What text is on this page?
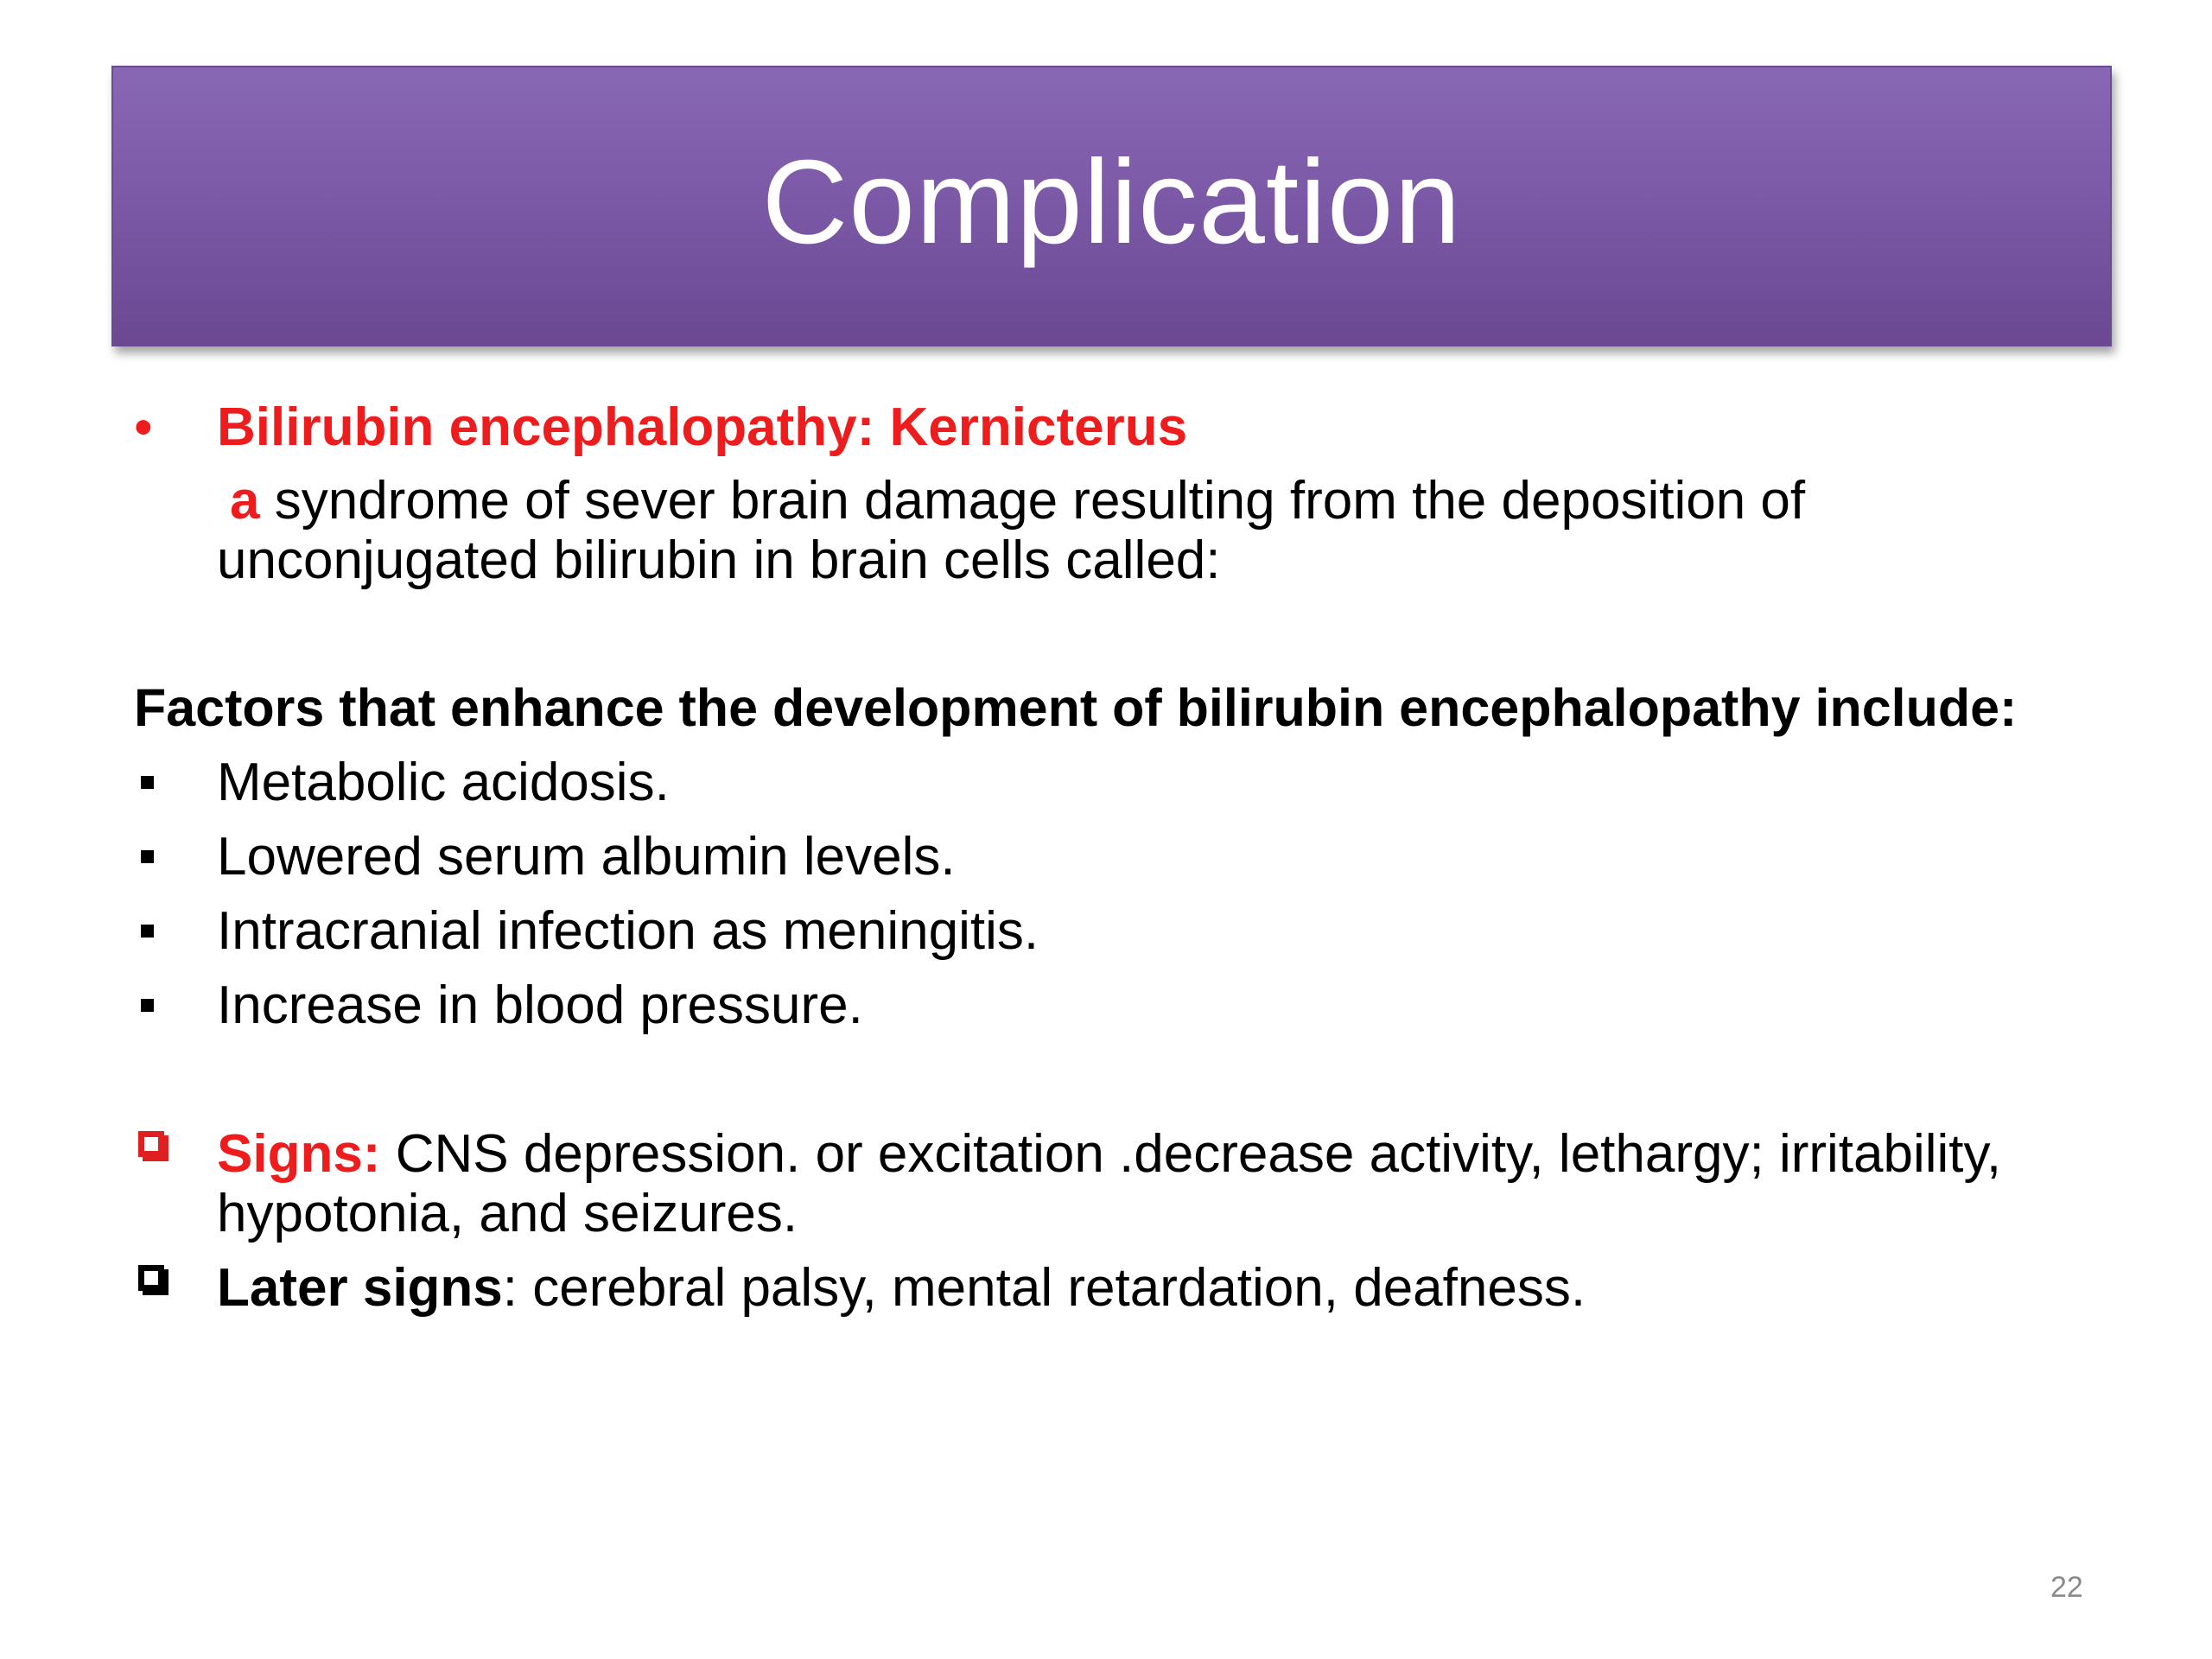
Complication
• Bilirubin encephalopathy: Kernicterus
a syndrome of sever brain damage resulting from the deposition of
unconjugated bilirubin in brain cells called:
Factors that enhance the development of bilirubin encephalopathy include:
Metabolic acidosis.
Lowered serum albumin levels.
Intracranial infection as meningitis.
Increase in blood pressure.
Signs: CNS depression. or excitation .decrease activity, lethargy; irritability,
hypotonia, and seizures.
Later signs: cerebral palsy, mental retardation, deafness.
22
